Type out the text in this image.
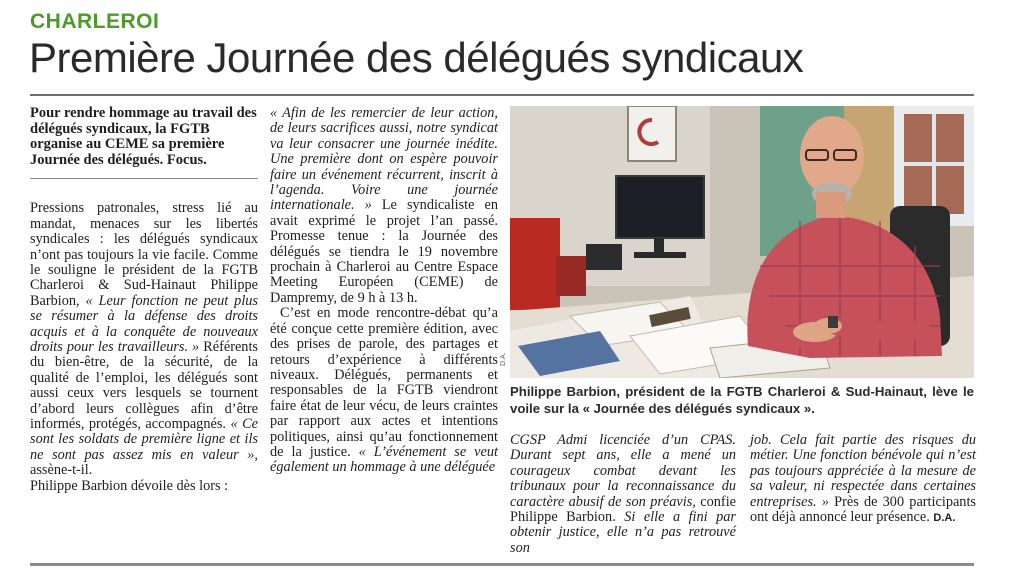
CHARLEROI
Première Journée des délégués syndicaux

Pour rendre hommage au travail des délégués syndicaux, la FGTB organise au CEME sa première Journée des délégués. Focus.

Pressions patronales, stress lié au mandat, menaces sur les libertés syndicales : les délégués syndicaux n’ont pas toujours la vie facile. Comme le souligne le président de la FGTB Charleroi & Sud-Hainaut Philippe Barbion, « Leur fonction ne peut plus se résumer à la défense des droits acquis et à la conquête de nouveaux droits pour les travailleurs. » Référents du bien-être, de la sécurité, de la qualité de l’emploi, les délégués sont aussi ceux vers lesquels se tournent d’abord leurs collègues afin d’être informés, protégés, accompagnés. « Ce sont les soldats de première ligne et ils ne sont pas assez mis en valeur », assène-t-il.

Philippe Barbion dévoile dès lors :

« Afin de les remercier de leur action, de leurs sacrifices aussi, notre syndicat va leur consacrer une journée inédite. Une première dont on espère pouvoir faire un événement récurrent, inscrit à l’agenda. Voire une journée internationale. » Le syndicaliste en avait exprimé le projet l’an passé. Promesse tenue : la Journée des délégués se tiendra le 19 novembre prochain à Charleroi au Centre Espace Meeting Européen (CEME) de Dampremy, de 9 h à 13 h.

C’est en mode rencontre-débat qu’a été conçue cette première édition, avec des prises de parole, des partages et retours d’expérience à différents niveaux. Délégués, permanents et responsables de la FGTB viendront faire état de leur vécu, de leurs craintes par rapport aux actes et intentions politiques, ainsi qu’au fonctionnement de la justice. « L’événement se veut également un hommage à une déléguée

D.A.

Philippe Barbion, président de la FGTB Charleroi & Sud-Hainaut, lève le voile sur la « Journée des délégués syndicaux ».

CGSP Admi licenciée d’un CPAS. Durant sept ans, elle a mené un courageux combat devant les tribunaux pour la reconnaissance du caractère abusif de son préavis, confie Philippe Barbion. Si elle a fini par obtenir justice, elle n’a pas retrouvé son

job. Cela fait partie des risques du métier. Une fonction bénévole qui n’est pas toujours appréciée à la mesure de sa valeur, ni respectée dans certaines entreprises. » Près de 300 participants ont déjà annoncé leur présence. D.A.
